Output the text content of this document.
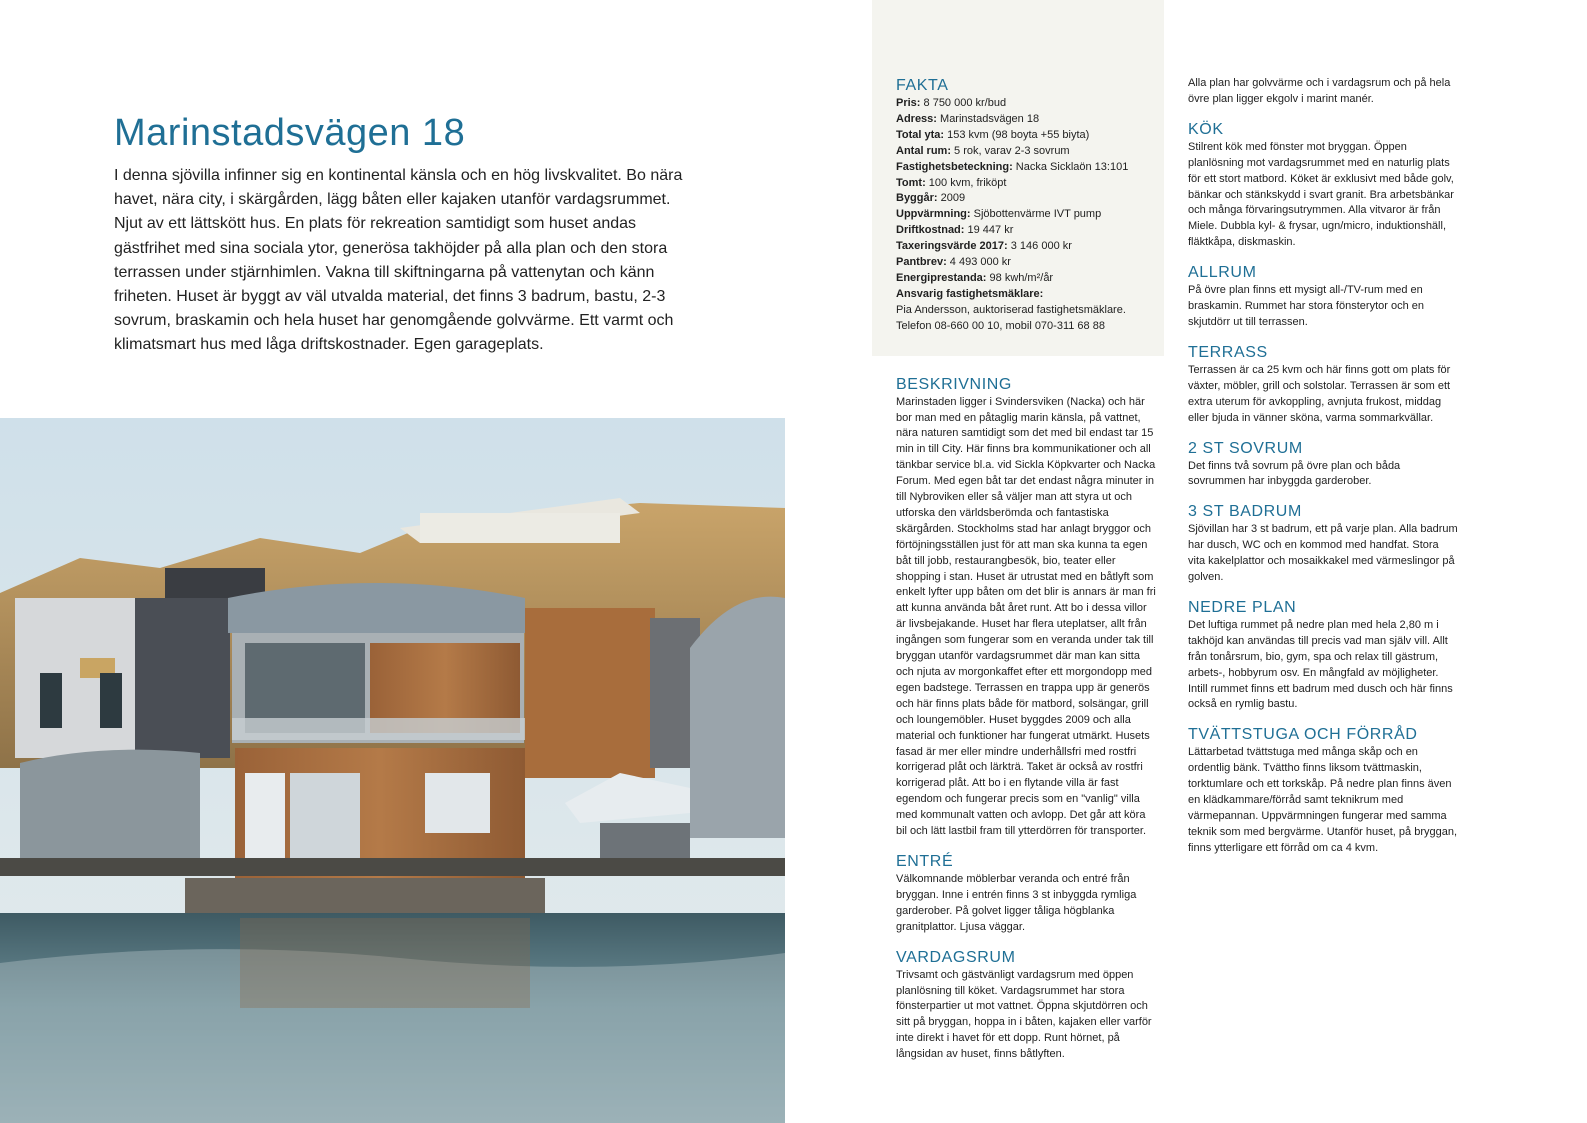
Marinstadsvägen 18

I denna sjövilla infinner sig en kontinental känsla och en hög livskvalitet. Bo nära havet, nära city, i skärgården, lägg båten eller kajaken utanför vardagsrummet. Njut av ett lättskött hus. En plats för rekreation samtidigt som huset andas gästfrihet med sina sociala ytor, generösa takhöjder på alla plan och den stora terrassen under stjärnhimlen. Vakna till skiftningarna på vattenytan och känn friheten. Huset är byggt av väl utvalda material, det finns 3 badrum, bastu, 2-3 sovrum, braskamin och hela huset har genomgående golvvärme. Ett varmt och klimatsmart hus med låga driftskostnader. Egen garageplats.

FAKTA

Pris: 8 750 000 kr/bud

Adress: Marinstadsvägen 18

Total yta: 153 kvm (98 boyta +55 biyta)

Antal rum: 5 rok, varav 2-3 sovrum

Fastighetsbeteckning: Nacka Sicklaön 13:101

Tomt: 100 kvm, friköpt

Byggår: 2009

Uppvärmning: Sjöbottenvärme IVT pump

Driftkostnad: 19 447 kr

Taxeringsvärde 2017: 3 146 000 kr

Pantbrev: 4 493 000 kr

Energiprestanda: 98 kwh/m²/år

Ansvarig fastighetsmäklare:

Pia Andersson, auktoriserad fastighetsmäklare.

Telefon 08-660 00 10, mobil 070-311 68 88

BESKRIVNING

Marinstaden ligger i Svindersviken (Nacka) och här bor man med en påtaglig marin känsla, på vattnet, nära naturen samtidigt som det med bil endast tar 15 min in till City. Här finns bra kommunikationer och all tänkbar service bl.a. vid Sickla Köpkvarter och Nacka Forum. Med egen båt tar det endast några minuter in till Nybroviken eller så väljer man att styra ut och utforska den världsberömda och fantastiska skärgården. Stockholms stad har anlagt bryggor och förtöjningsställen just för att man ska kunna ta egen båt till jobb, restaurangbesök, bio, teater eller shopping i stan. Huset är utrustat med en båtlyft som enkelt lyfter upp båten om det blir is annars är man fri att kunna använda båt året runt. Att bo i dessa villor är livsbejakande. Huset har flera uteplatser, allt från ingången som fungerar som en veranda under tak till bryggan utanför vardagsrummet där man kan sitta och njuta av morgonkaffet efter ett morgondopp med egen badstege. Terrassen en trappa upp är generös och här finns plats både för matbord, solsängar, grill och loungemöbler. Huset byggdes 2009 och alla material och funktioner har fungerat utmärkt. Husets fasad är mer eller mindre underhållsfri med rostfri korrigerad plåt och lärkträ. Taket är också av rostfri korrigerad plåt. Att bo i en flytande villa är fast egendom och fungerar precis som en "vanlig" villa med kommunalt vatten och avlopp. Det går att köra bil och lätt lastbil fram till ytterdörren för transporter.

ENTRÉ

Välkomnande möblerbar veranda och entré från bryggan. Inne i entrén finns 3 st inbyggda rymliga garderober. På golvet ligger tåliga högblanka granitplattor. Ljusa väggar.

VARDAGSRUM

Trivsamt och gästvänligt vardagsrum med öppen planlösning till köket. Vardagsrummet har stora fönsterpartier ut mot vattnet. Öppna skjutdörren och sitt på bryggan, hoppa in i båten, kajaken eller varför inte direkt i havet för ett dopp. Runt hörnet, på långsidan av huset, finns båtlyften.

Alla plan har golvvärme och i vardagsrum och på hela övre plan ligger ekgolv i marint manér.

KÖK

Stilrent kök med fönster mot bryggan. Öppen planlösning mot vardagsrummet med en naturlig plats för ett stort matbord. Köket är exklusivt med både golv, bänkar och stänkskydd i svart granit. Bra arbetsbänkar och många förvaringsutrymmen. Alla vitvaror är från Miele. Dubbla kyl- & frysar, ugn/micro, induktionshäll, fläktkåpa, diskmaskin.

ALLRUM

På övre plan finns ett mysigt all-/TV-rum med en braskamin. Rummet har stora fönsterytor och en skjutdörr ut till terrassen.

TERRASS

Terrassen är ca 25 kvm och här finns gott om plats för växter, möbler, grill och solstolar. Terrassen är som ett extra uterum för avkoppling, avnjuta frukost, middag eller bjuda in vänner sköna, varma sommarkvällar.

2 ST SOVRUM

Det finns två sovrum på övre plan och båda sovrummen har inbyggda garderober.

3 ST BADRUM

Sjövillan har 3 st badrum, ett på varje plan. Alla badrum har dusch, WC och en kommod med handfat. Stora vita kakelplattor och mosaikkakel med värmeslingor på golven.

NEDRE PLAN

Det luftiga rummet på nedre plan med hela 2,80 m i takhöjd kan användas till precis vad man själv vill. Allt från tonårsrum, bio, gym, spa och relax till gästrum, arbets-, hobbyrum osv. En mångfald av möjligheter. Intill rummet finns ett badrum med dusch och här finns också en rymlig bastu.

TVÄTTSTUGA OCH FÖRRÅD

Lättarbetad tvättstuga med många skåp och en ordentlig bänk. Tvättho finns liksom tvättmaskin, torktumlare och ett torkskåp. På nedre plan finns även en klädkammare/förråd samt teknikrum med värmepannan. Uppvärmningen fungerar med samma teknik som med bergvärme. Utanför huset, på bryggan, finns ytterligare ett förråd om ca 4 kvm.
